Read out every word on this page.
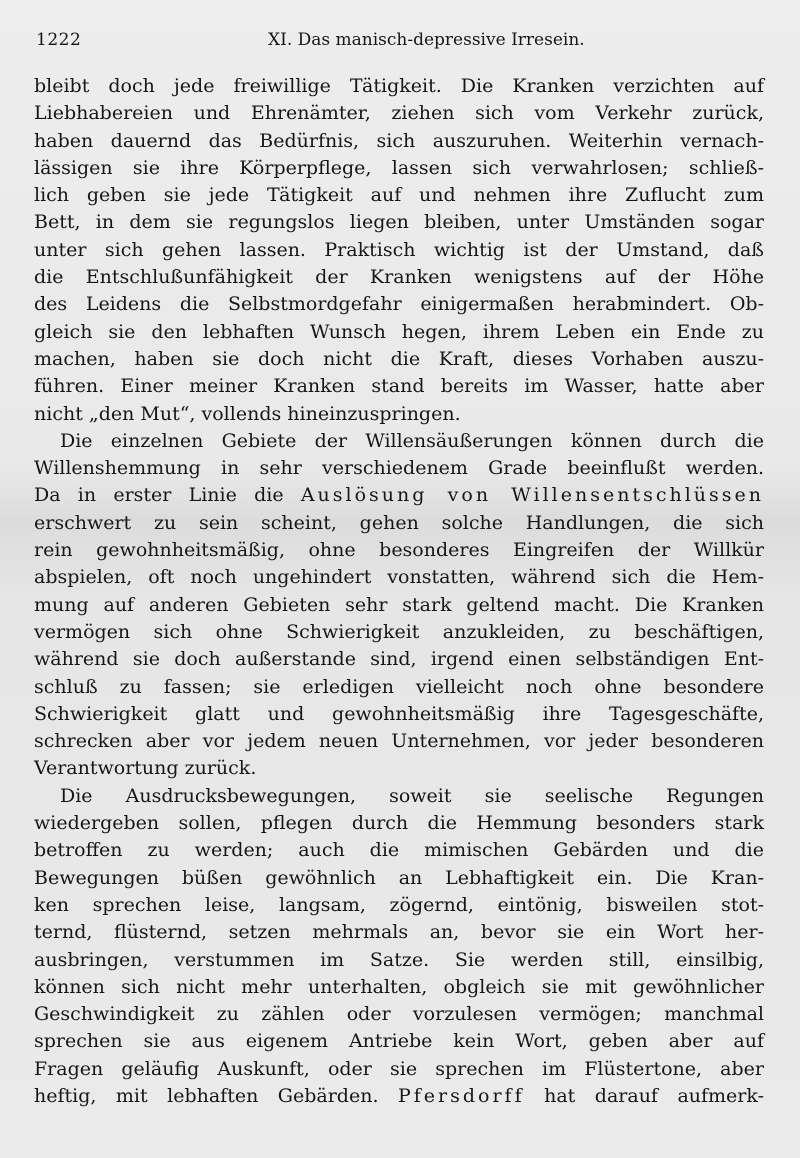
1222	XI. Das manisch-depressive Irresein.
bleibt doch jede freiwillige Tätigkeit. Die Kranken verzichten auf
Liebhabereien und Ehrenämter, ziehen sich vom Verkehr zurück,
haben dauernd das Bedürfnis, sich auszuruhen. Weiterhin vernach-
lässigen sie ihre Körperpflege, lassen sich verwahrlosen; schließ-
lich geben sie jede Tätigkeit auf und nehmen ihre Zuflucht zum
Bett, in dem sie regungslos liegen bleiben, unter Umständen sogar
unter sich gehen lassen. Praktisch wichtig ist der Umstand, daß
die Entschlußunfähigkeit der Kranken wenigstens auf der Höhe
des Leidens die Selbstmordgefahr einigermaßen herabmindert. Ob-
gleich sie den lebhaften Wunsch hegen, ihrem Leben ein Ende zu
machen, haben sie doch nicht die Kraft, dieses Vorhaben auszu-
führen. Einer meiner Kranken stand bereits im Wasser, hatte aber
nicht „den Mut“, vollends hineinzuspringen.
Die einzelnen Gebiete der Willensäußerungen können durch die
Willenshemmung in sehr verschiedenem Grade beeinflußt werden.
Da in erster Linie die Auslösung von Willensentschlüssen
erschwert zu sein scheint, gehen solche Handlungen, die sich
rein gewohnheitsmäßig, ohne besonderes Eingreifen der Willkür
abspielen, oft noch ungehindert vonstatten, während sich die Hem-
mung auf anderen Gebieten sehr stark geltend macht. Die Kranken
vermögen sich ohne Schwierigkeit anzukleiden, zu beschäftigen,
während sie doch außerstande sind, irgend einen selbständigen Ent-
schluß zu fassen; sie erledigen vielleicht noch ohne besondere
Schwierigkeit glatt und gewohnheitsmäßig ihre Tagesgeschäfte,
schrecken aber vor jedem neuen Unternehmen, vor jeder besonderen
Verantwortung zurück.
Die Ausdrucksbewegungen, soweit sie seelische Regungen
wiedergeben sollen, pflegen durch die Hemmung besonders stark
betroffen zu werden; auch die mimischen Gebärden und die
Bewegungen büßen gewöhnlich an Lebhaftigkeit ein. Die Kran-
ken sprechen leise, langsam, zögernd, eintönig, bisweilen stot-
ternd, flüsternd, setzen mehrmals an, bevor sie ein Wort her-
ausbringen, verstummen im Satze. Sie werden still, einsilbig,
können sich nicht mehr unterhalten, obgleich sie mit gewöhnlicher
Geschwindigkeit zu zählen oder vorzulesen vermögen; manchmal
sprechen sie aus eigenem Antriebe kein Wort, geben aber auf
Fragen geläufig Auskunft, oder sie sprechen im Flüstertone, aber
heftig, mit lebhaften Gebärden. Pfersdorff hat darauf aufmerk-
